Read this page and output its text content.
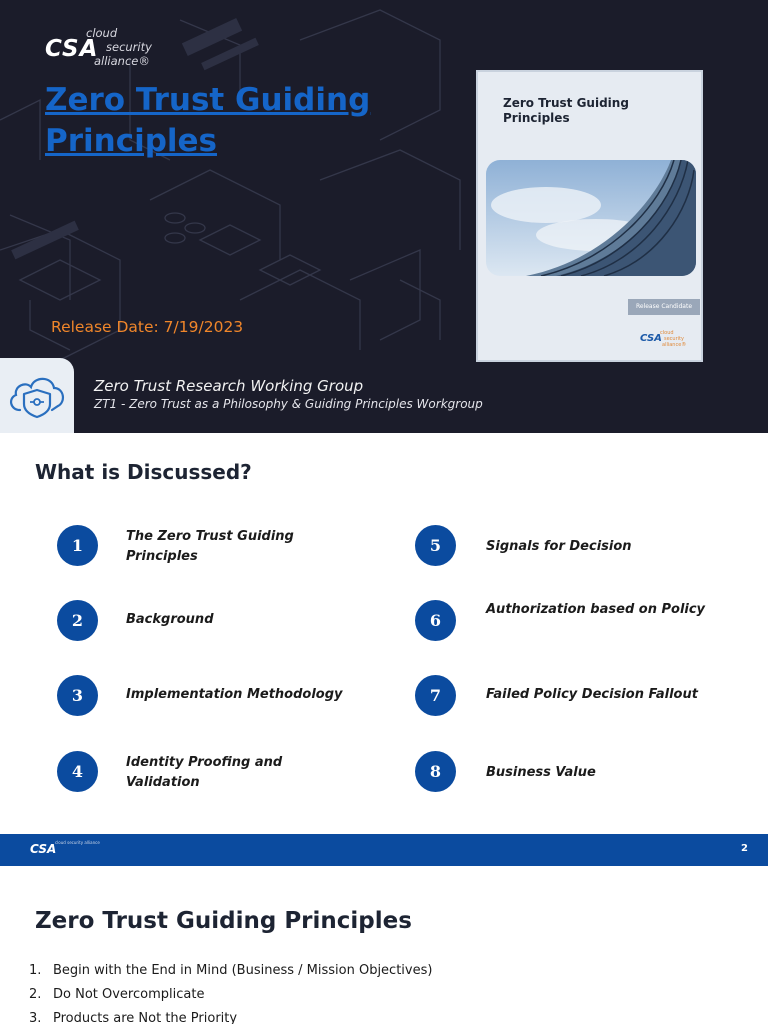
CSA
cloud
security
alliance®
Zero Trust Guiding Principles
Release Date: 7/19/2023
Zero Trust Research Working Group
ZT1 - Zero Trust as a Philosophy & Guiding Principles Workgroup
Zero Trust Guiding Principles
Release Candidate
CSA
cloud
security
alliance®
What is Discussed?
1	The Zero Trust Guiding Principles
2	Background
3	Implementation Methodology
4	Identity Proofing and Validation
5	Signals for Decision
6
Authorization based on Policy
7	Failed Policy Decision Fallout
8	Business Value
CSA
cloud security alliance
2
Zero Trust Guiding Principles
1. Begin with the End in Mind (Business / Mission Objectives)
2. Do Not Overcomplicate
3. Products are Not the Priority
